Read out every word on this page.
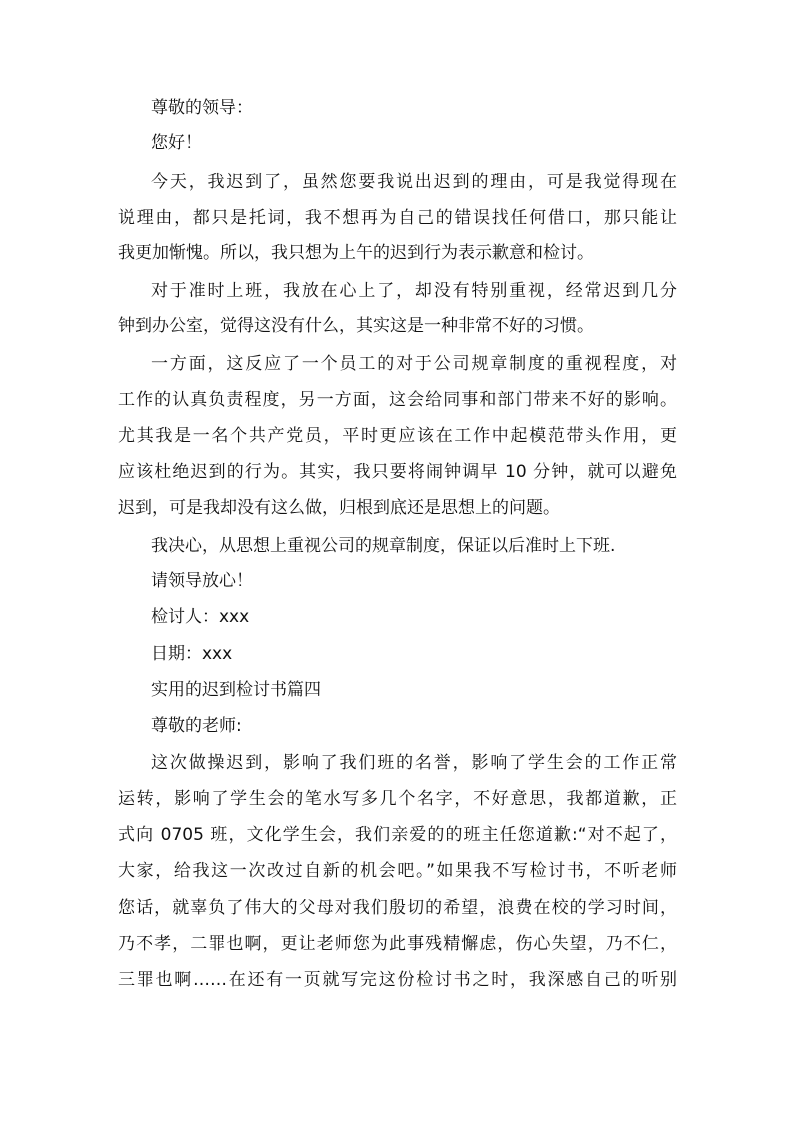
尊敬的领导：
您好！
今天，我迟到了，虽然您要我说出迟到的理由，可是我觉得现在
说理由，都只是托词，我不想再为自己的错误找任何借口，那只能让
我更加惭愧。所以，我只想为上午的迟到行为表示歉意和检讨。
对于准时上班，我放在心上了，却没有特别重视，经常迟到几分
钟到办公室，觉得这没有什么，其实这是一种非常不好的习惯。
一方面，这反应了一个员工的对于公司规章制度的重视程度，对
工作的认真负责程度，另一方面，这会给同事和部门带来不好的影响。
尤其我是一名个共产党员，平时更应该在工作中起模范带头作用，更
应该杜绝迟到的行为。其实，我只要将闹钟调早 10 分钟，就可以避免
迟到，可是我却没有这么做，归根到底还是思想上的问题。
我决心，从思想上重视公司的规章制度，保证以后准时上下班.
请领导放心！
检讨人：xxx
日期：xxx
实用的迟到检讨书篇四
尊敬的老师:
这次做操迟到，影响了我们班的名誉，影响了学生会的工作正常
运转，影响了学生会的笔水写多几个名字，不好意思，我都道歉，正
式向 0705 班，文化学生会，我们亲爱的的班主任您道歉:“对不起了，
大家，给我这一次改过自新的机会吧。”如果我不写检讨书，不听老师
您话，就辜负了伟大的父母对我们殷切的希望，浪费在校的学习时间，
乃不孝，二罪也啊，更让老师您为此事残精懈虑，伤心失望，乃不仁，
三罪也啊……在还有一页就写完这份检讨书之时，我深感自己的听别
